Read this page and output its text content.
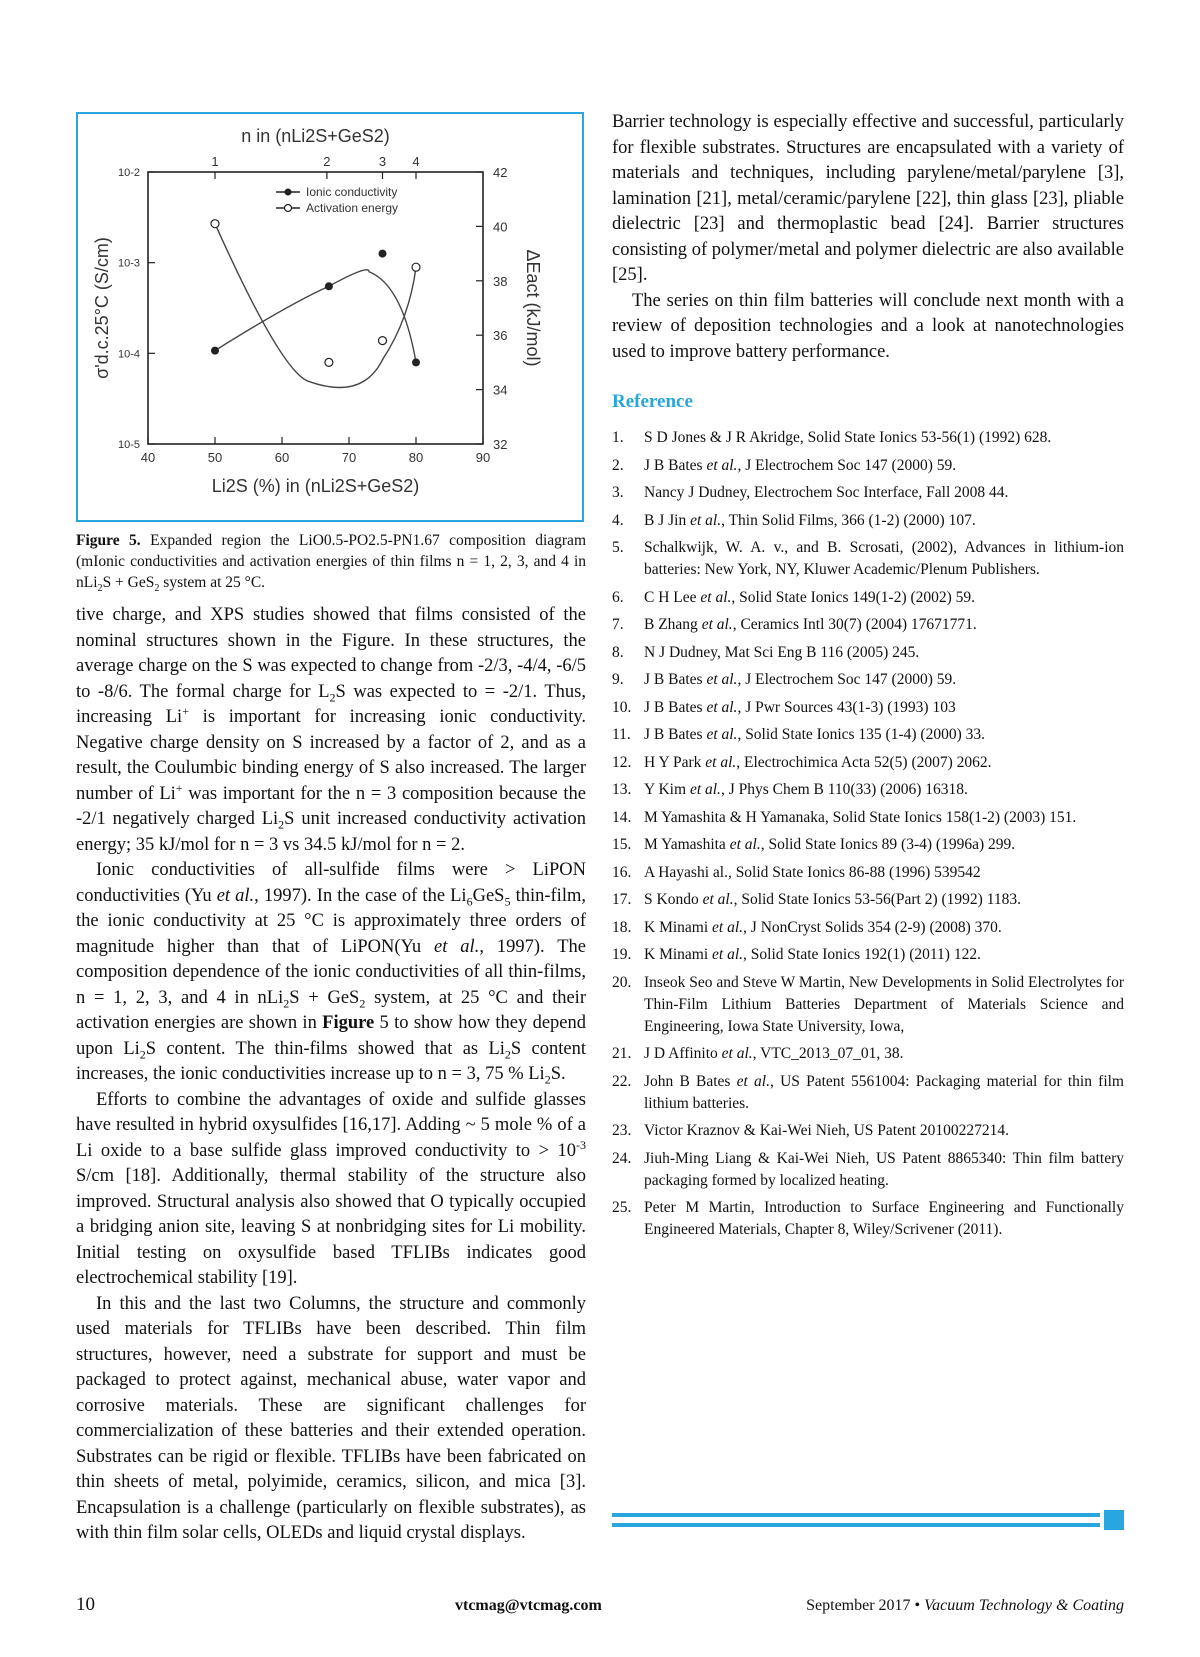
40	50	60	70	80	90
1	2	3 4
10-5
10-4
10-3
10-2
32
34
36
38
40
42
n in (nLi2S+GeS2)
Li2S (%) in (nLi2S+GeS2)
σ'd.c.25°C (S/cm)	ΔEact (kJ/mol)
Ionic conductivity
Activation energy
Figure 5. Expanded region the LiO0.5-PO2.5-PN1.67 composition diagram (mIonic conductivities and activation energies of thin films n = 1, 2, 3, and 4 in nLi$_2$S + GeS$_2$ system at 25 °C.

tive charge, and XPS studies showed that films consisted of the nominal structures shown in the Figure. In these structures, the average charge on the S was expected to change from -2/3, -4/4, -6/5 to -8/6. The formal charge for $L_2S$ was expected to = -2/1. Thus, increasing Li+ is important for increasing ionic conductivity. Negative charge density on S increased by a factor of 2, and as a result, the Coulumbic binding energy of S also increased. The larger number of Li+ was important for the n = 3 composition because the -2/1 negatively charged $Li_2S$ unit increased conductivity activation energy; 35 kJ/mol for n = 3 vs 34.5 kJ/mol for n = 2.

Ionic conductivities of all-sulfide films were > LiPON conductivities (Yu et al., 1997). In the case of the $Li_6GeS_5$ thin-film, the ionic conductivity at 25 °C is approximately three orders of magnitude higher than that of LiPON(Yu et al., 1997). The composition dependence of the ionic conductivities of all thin-films, n = 1, 2, 3, and 4 in nLi$_2$S + GeS$_2$ system, at 25 °C and their activation energies are shown in Figure 5 to show how they depend upon $Li_2S$ content. The thin-films showed that as $Li_2S$ content increases, the ionic conductivities increase up to n = 3, 75 % $Li_2S$.

Efforts to combine the advantages of oxide and sulfide glasses have resulted in hybrid oxysulfides [16,17]. Adding ~ 5 mole % of a Li oxide to a base sulfide glass improved conductivity to > $10^{-3}$ S/cm [18]. Additionally, thermal stability of the structure also improved. Structural analysis also showed that O typically occupied a bridging anion site, leaving S at nonbridging sites for Li mobility. Initial testing on oxysulfide based TFLIBs indicates good electrochemical stability [19].

In this and the last two Columns, the structure and commonly used materials for TFLIBs have been described. Thin film structures, however, need a substrate for support and must be packaged to protect against, mechanical abuse, water vapor and corrosive materials. These are significant challenges for commercialization of these batteries and their extended operation. Substrates can be rigid or flexible. TFLIBs have been fabricated on thin sheets of metal, polyimide, ceramics, silicon, and mica [3]. Encapsulation is a challenge (particularly on flexible substrates), as with thin film solar cells, OLEDs and liquid crystal displays.

Barrier technology is especially effective and successful, particularly for flexible substrates. Structures are encapsulated with a variety of materials and techniques, including parylene/metal/parylene [3], lamination [21], metal/ceramic/parylene [22], thin glass [23], pliable dielectric [23] and thermoplastic bead [24]. Barrier structures consisting of polymer/metal and polymer dielectric are also available [25].

The series on thin film batteries will conclude next month with a review of deposition technologies and a look at nanotechnologies used to improve battery performance.

Reference
1.	S D Jones & J R Akridge, Solid State Ionics 53-56(1) (1992) 628.
2.	J B Bates et al., J Electrochem Soc 147 (2000) 59.
3.	Nancy J Dudney, Electrochem Soc Interface, Fall 2008 44.
4.	B J Jin et al., Thin Solid Films, 366 (1-2) (2000) 107.
5.	Schalkwijk, W. A. v., and B. Scrosati, (2002), Advances in lithium-ion batteries: New York, NY, Kluwer Academic/Plenum Publishers.
6.	C H Lee et al., Solid State Ionics 149(1-2) (2002) 59.
7.	B Zhang et al., Ceramics Intl 30(7) (2004) 17671771.
8.	N J Dudney, Mat Sci Eng B 116 (2005) 245.
9.	J B Bates et al., J Electrochem Soc 147 (2000) 59.
10. J B Bates et al., J Pwr Sources 43(1-3) (1993) 103
11. J B Bates et al., Solid State Ionics 135 (1-4) (2000) 33.
12. H Y Park et al., Electrochimica Acta 52(5) (2007) 2062.
13. Y Kim et al., J Phys Chem B 110(33) (2006) 16318.
14. M Yamashita & H Yamanaka, Solid State Ionics 158(1-2) (2003) 151.
15. M Yamashita et al., Solid State Ionics 89 (3-4) (1996a) 299.
16. A Hayashi al., Solid State Ionics 86-88 (1996) 539542
17. S Kondo et al., Solid State Ionics 53-56(Part 2) (1992) 1183.
18. K Minami et al., J NonCryst Solids 354 (2-9) (2008) 370.
19. K Minami et al., Solid State Ionics 192(1) (2011) 122.
20. Inseok Seo and Steve W Martin, New Developments in Solid Electrolytes for Thin-Film Lithium Batteries Department of Materials Science and Engineering, Iowa State University, Iowa,
21. J D Affinito et al., VTC_2013_07_01, 38.
22. John B Bates et al., US Patent 5561004: Packaging material for thin film lithium batteries.
23. Victor Kraznov & Kai-Wei Nieh, US Patent 20100227214.
24. Jiuh-Ming Liang & Kai-Wei Nieh, US Patent 8865340: Thin film battery packaging formed by localized heating.
25. Peter M Martin, Introduction to Surface Engineering and Functionally Engineered Materials, Chapter 8, Wiley/Scrivener (2011).
10	vtcmag@vtcmag.com	September 2017 • Vacuum Technology & Coating
